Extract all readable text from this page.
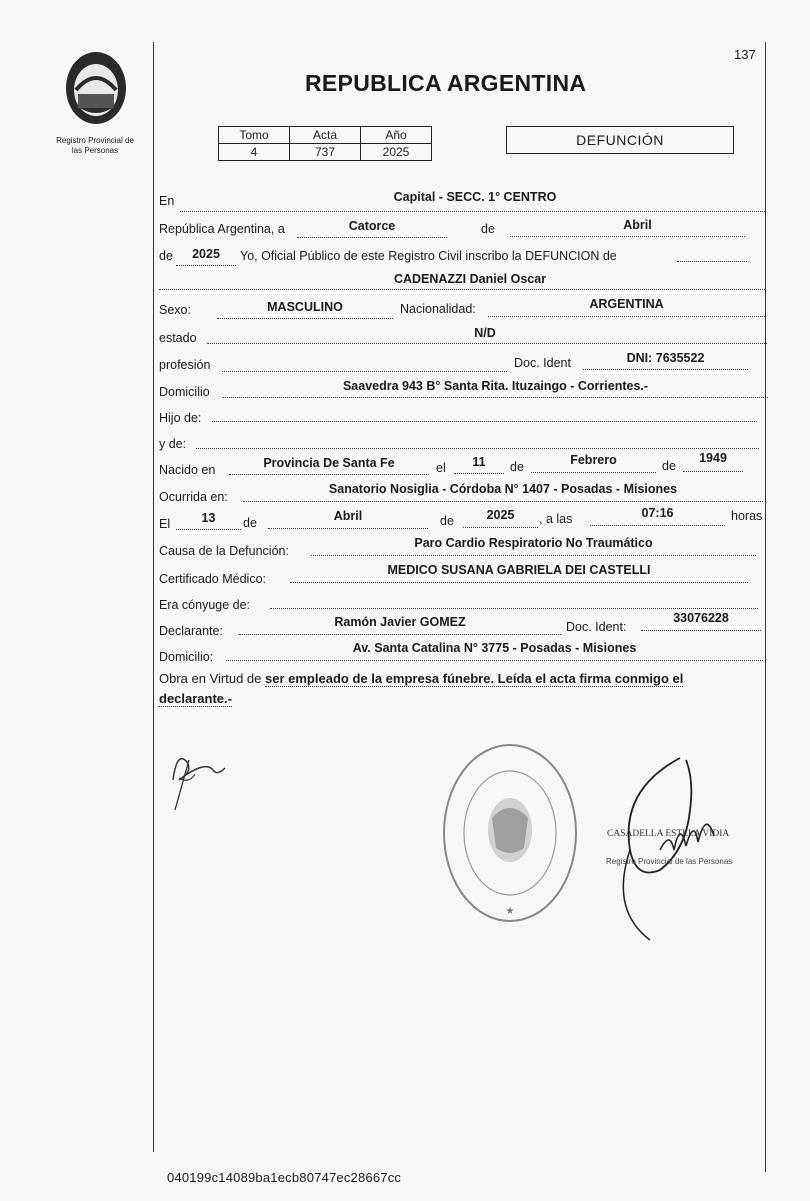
Registro Provincial de
las Personas
137
REPUBLICA ARGENTINA
Tomo	Acta	Año
4	737	2025
DEFUNCIÓN
En	Capital - SECC. 1° CENTRO
República Argentina, a	Catorce	de	Abril
de	2025	Yo, Oficial Público de este Registro Civil inscribo la DEFUNCION de
CADENAZZI Daniel Oscar
Sexo:	MASCULINO	Nacionalidad:	ARGENTINA
estado	N/D
profesión	Doc. Ident	DNI: 7635522
Domicilio	Saavedra 943 B° Santa Rita. Ituzaingo - Corrientes.-
Hijo de:
y de:
Nacido en	Provincia De Santa Fe	el	11	de	Febrero	de
1949
Ocurrida en:
Sanatorio Nosiglia - Córdoba N° 1407 - Posadas - Misiones
El	13	de	Abril	de	2025	, a las	07:16	horas
Causa de la Defunción:
Paro Cardio Respiratorio No Traumático
Certificado Médico:
MEDICO SUSANA GABRIELA DEI CASTELLI
Era cónyuge de:
Declarante:
Ramón Javier GOMEZ	Doc. Ident:
33076228
Domicilio:
Av. Santa Catalina N° 3775 - Posadas - Misiones
Obra en Virtud de ser empleado de la empresa fúnebre. Leída el acta firma conmigo el
declarante.-
★
CASADELLA ESTELA VIDIA
Registro Provincial de las Personas
040199c14089ba1ecb80747ec28667cc
